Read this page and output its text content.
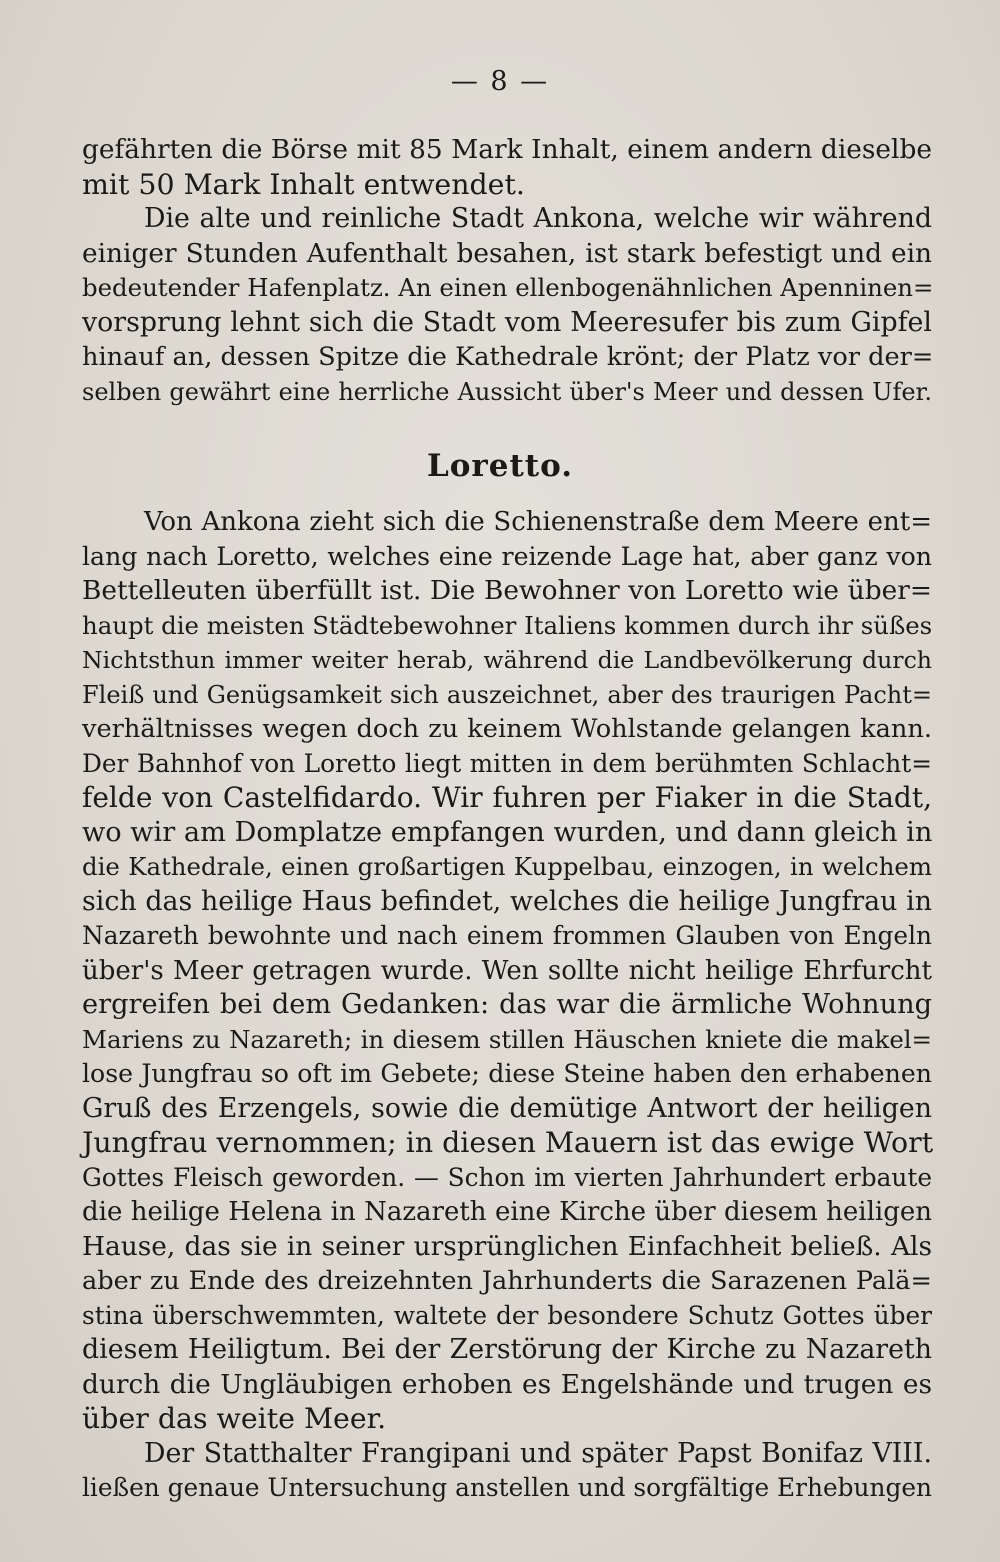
— 8 —
gefährten die Börse mit 85 Mark Inhalt, einem andern dieselbe
mit 50 Mark Inhalt entwendet.
Die alte und reinliche Stadt Ankona, welche wir während
einiger Stunden Aufenthalt besahen, ist stark befestigt und ein
bedeutender Hafenplatz. An einen ellenbogenähnlichen Apenninen=
vorsprung lehnt sich die Stadt vom Meeresufer bis zum Gipfel
hinauf an, dessen Spitze die Kathedrale krönt; der Platz vor der=
selben gewährt eine herrliche Aussicht über's Meer und dessen Ufer.
Loretto.
Von Ankona zieht sich die Schienenstraße dem Meere ent=
lang nach Loretto, welches eine reizende Lage hat, aber ganz von
Bettelleuten überfüllt ist. Die Bewohner von Loretto wie über=
haupt die meisten Städtebewohner Italiens kommen durch ihr süßes
Nichtsthun immer weiter herab, während die Landbevölkerung durch
Fleiß und Genügsamkeit sich auszeichnet, aber des traurigen Pacht=
verhältnisses wegen doch zu keinem Wohlstande gelangen kann.
Der Bahnhof von Loretto liegt mitten in dem berühmten Schlacht=
felde von Castelfidardo. Wir fuhren per Fiaker in die Stadt,
wo wir am Domplatze empfangen wurden, und dann gleich in
die Kathedrale, einen großartigen Kuppelbau, einzogen, in welchem
sich das heilige Haus befindet, welches die heilige Jungfrau in
Nazareth bewohnte und nach einem frommen Glauben von Engeln
über's Meer getragen wurde. Wen sollte nicht heilige Ehrfurcht
ergreifen bei dem Gedanken: das war die ärmliche Wohnung
Mariens zu Nazareth; in diesem stillen Häuschen kniete die makel=
lose Jungfrau so oft im Gebete; diese Steine haben den erhabenen
Gruß des Erzengels, sowie die demütige Antwort der heiligen
Jungfrau vernommen; in diesen Mauern ist das ewige Wort
Gottes Fleisch geworden. — Schon im vierten Jahrhundert erbaute
die heilige Helena in Nazareth eine Kirche über diesem heiligen
Hause, das sie in seiner ursprünglichen Einfachheit beließ. Als
aber zu Ende des dreizehnten Jahrhunderts die Sarazenen Palä=
stina überschwemmten, waltete der besondere Schutz Gottes über
diesem Heiligtum. Bei der Zerstörung der Kirche zu Nazareth
durch die Ungläubigen erhoben es Engelshände und trugen es
über das weite Meer.
Der Statthalter Frangipani und später Papst Bonifaz VIII.
ließen genaue Untersuchung anstellen und sorgfältige Erhebungen
